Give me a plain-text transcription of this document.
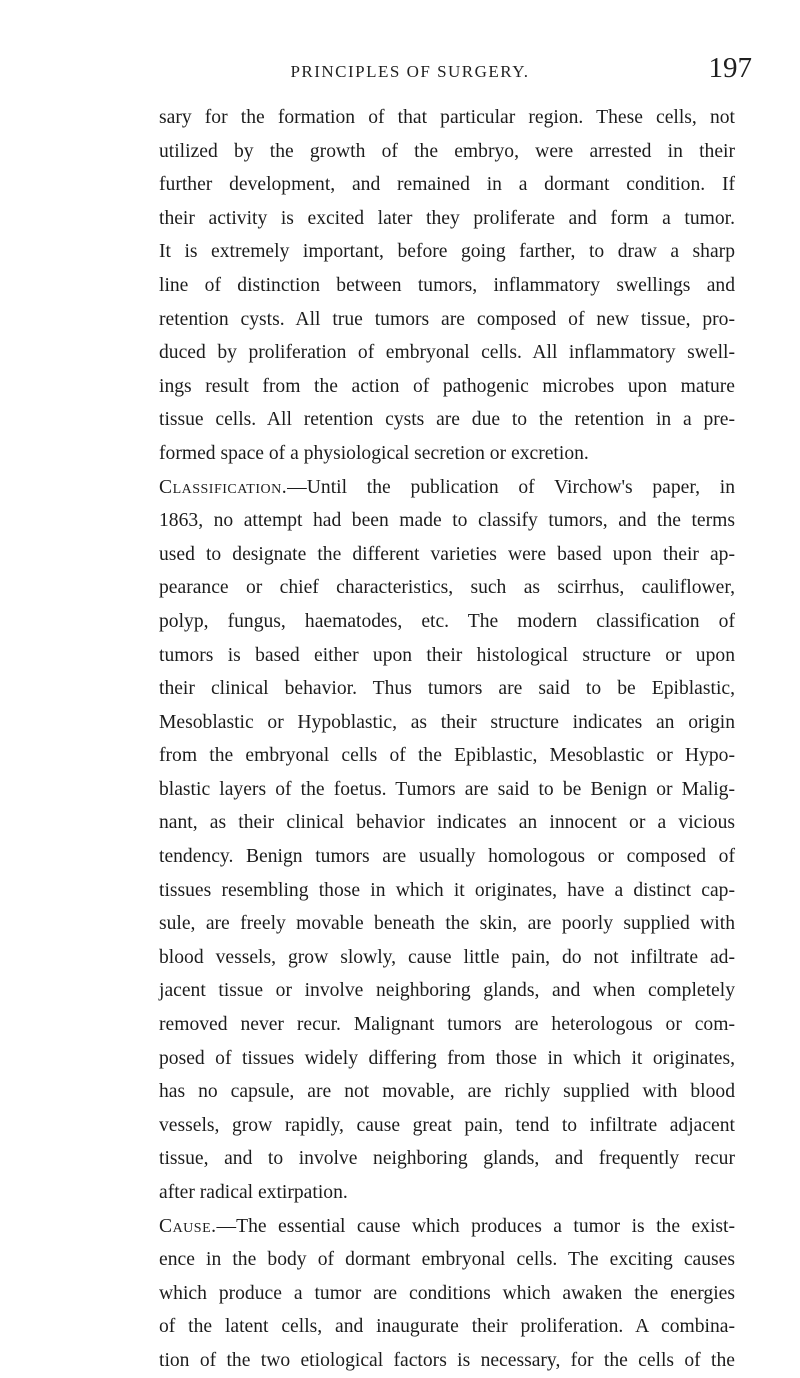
PRINCIPLES OF SURGERY.	197
sary for the formation of that particular region. These cells, not
utilized by the growth of the embryo, were arrested in their
further development, and remained in a dormant condition. If
their activity is excited later they proliferate and form a tumor.
It is extremely important, before going farther, to draw a sharp
line of distinction between tumors, inflammatory swellings and
retention cysts. All true tumors are composed of new tissue, pro-
duced by proliferation of embryonal cells. All inflammatory swell-
ings result from the action of pathogenic microbes upon mature
tissue cells. All retention cysts are due to the retention in a pre-
formed space of a physiological secretion or excretion.
Classification.—Until the publication of Virchow's paper, in
1863, no attempt had been made to classify tumors, and the terms
used to designate the different varieties were based upon their ap-
pearance or chief characteristics, such as scirrhus, cauliflower,
polyp, fungus, haematodes, etc. The modern classification of
tumors is based either upon their histological structure or upon
their clinical behavior. Thus tumors are said to be Epiblastic,
Mesoblastic or Hypoblastic, as their structure indicates an origin
from the embryonal cells of the Epiblastic, Mesoblastic or Hypo-
blastic layers of the foetus. Tumors are said to be Benign or Malig-
nant, as their clinical behavior indicates an innocent or a vicious
tendency. Benign tumors are usually homologous or composed of
tissues resembling those in which it originates, have a distinct cap-
sule, are freely movable beneath the skin, are poorly supplied with
blood vessels, grow slowly, cause little pain, do not infiltrate ad-
jacent tissue or involve neighboring glands, and when completely
removed never recur. Malignant tumors are heterologous or com-
posed of tissues widely differing from those in which it originates,
has no capsule, are not movable, are richly supplied with blood
vessels, grow rapidly, cause great pain, tend to infiltrate adjacent
tissue, and to involve neighboring glands, and frequently recur
after radical extirpation.
Cause.—The essential cause which produces a tumor is the exist-
ence in the body of dormant embryonal cells. The exciting causes
which produce a tumor are conditions which awaken the energies
of the latent cells, and inaugurate their proliferation. A combina-
tion of the two etiological factors is necessary, for the cells of the
